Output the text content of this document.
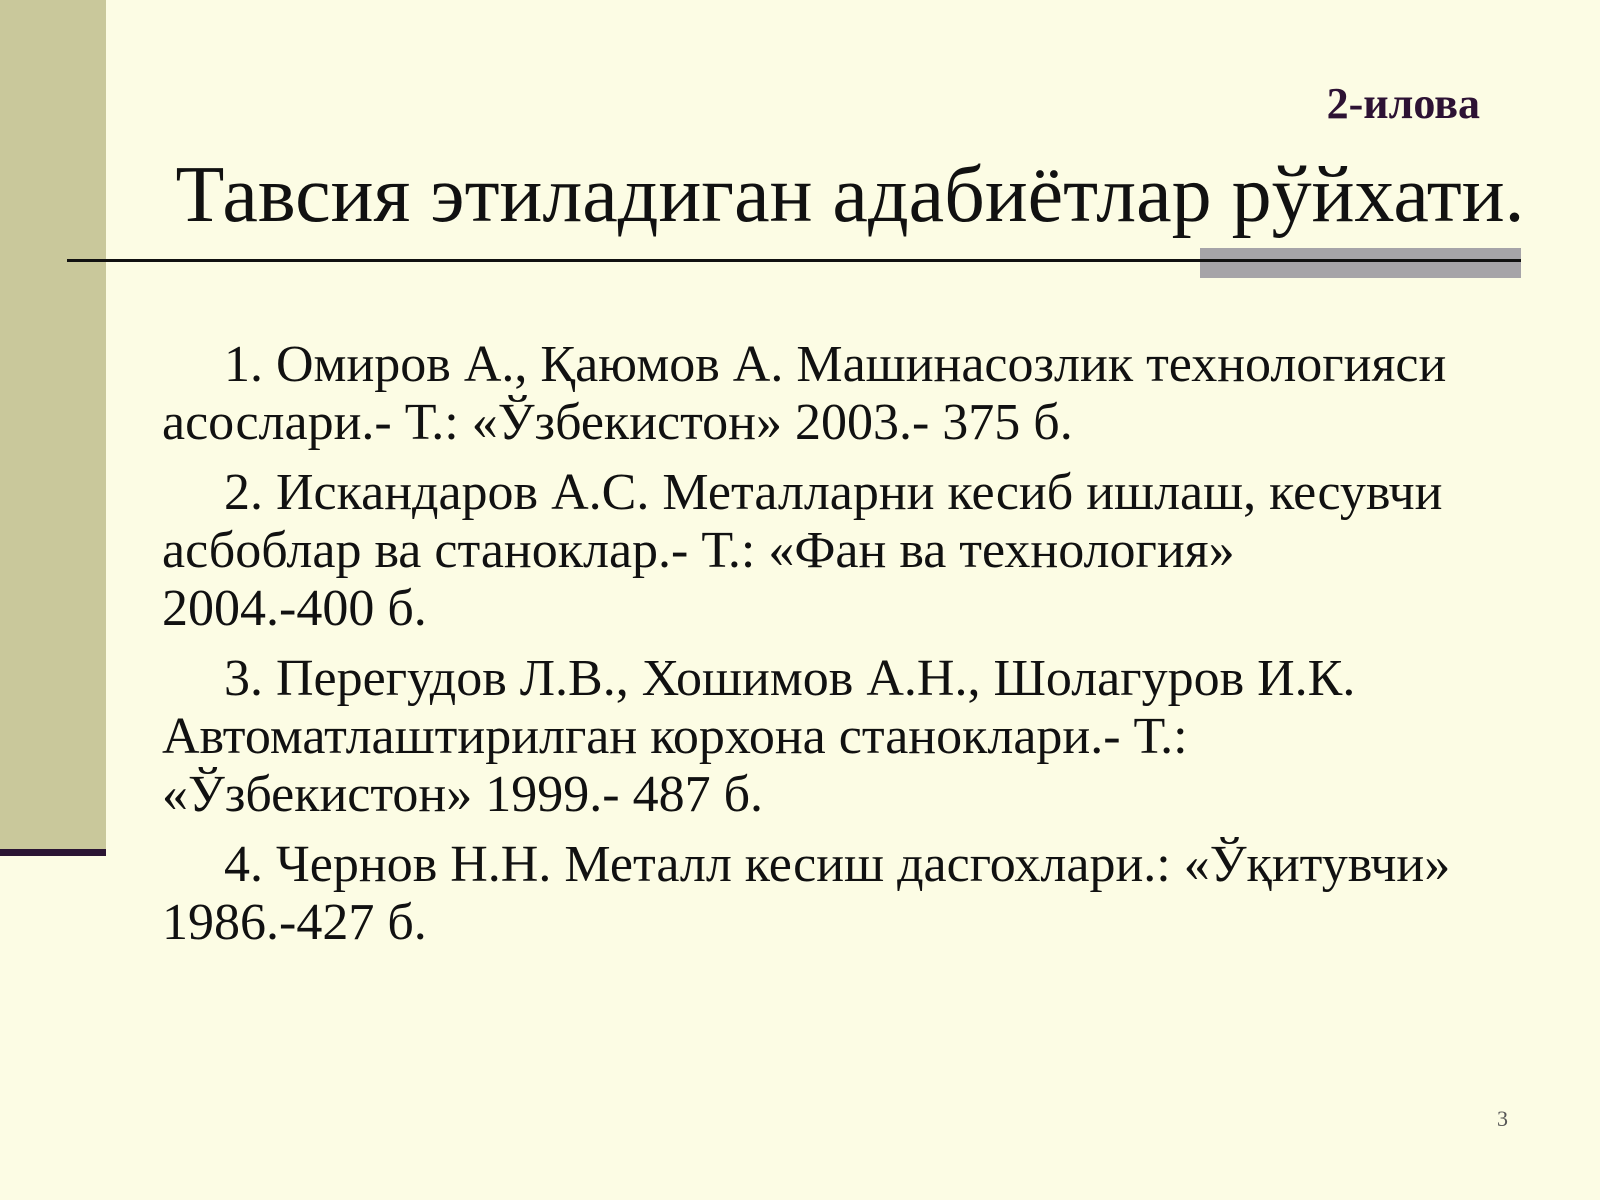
2-илова
Тавсия этиладиган адабиётлар рўйхати.
1. Омиров А., Қаюмов А. Машинасозлик технологияси асослари.- Т.: «Ўзбекистон» 2003.- 375 б.
2. Искандаров А.С. Металларни кесиб ишлаш, кесувчи асбоблар ва станоклар.- Т.: «Фан ва технология» 2004.-400 б.
3. Перегудов Л.В., Хошимов А.Н., Шолагуров И.К. Автоматлаштирилган корхона станоклари.- Т.: «Ўзбекистон» 1999.- 487 б.
4. Чернов Н.Н. Металл кесиш дасгохлари.: «Ўқитувчи» 1986.-427 б.
3
